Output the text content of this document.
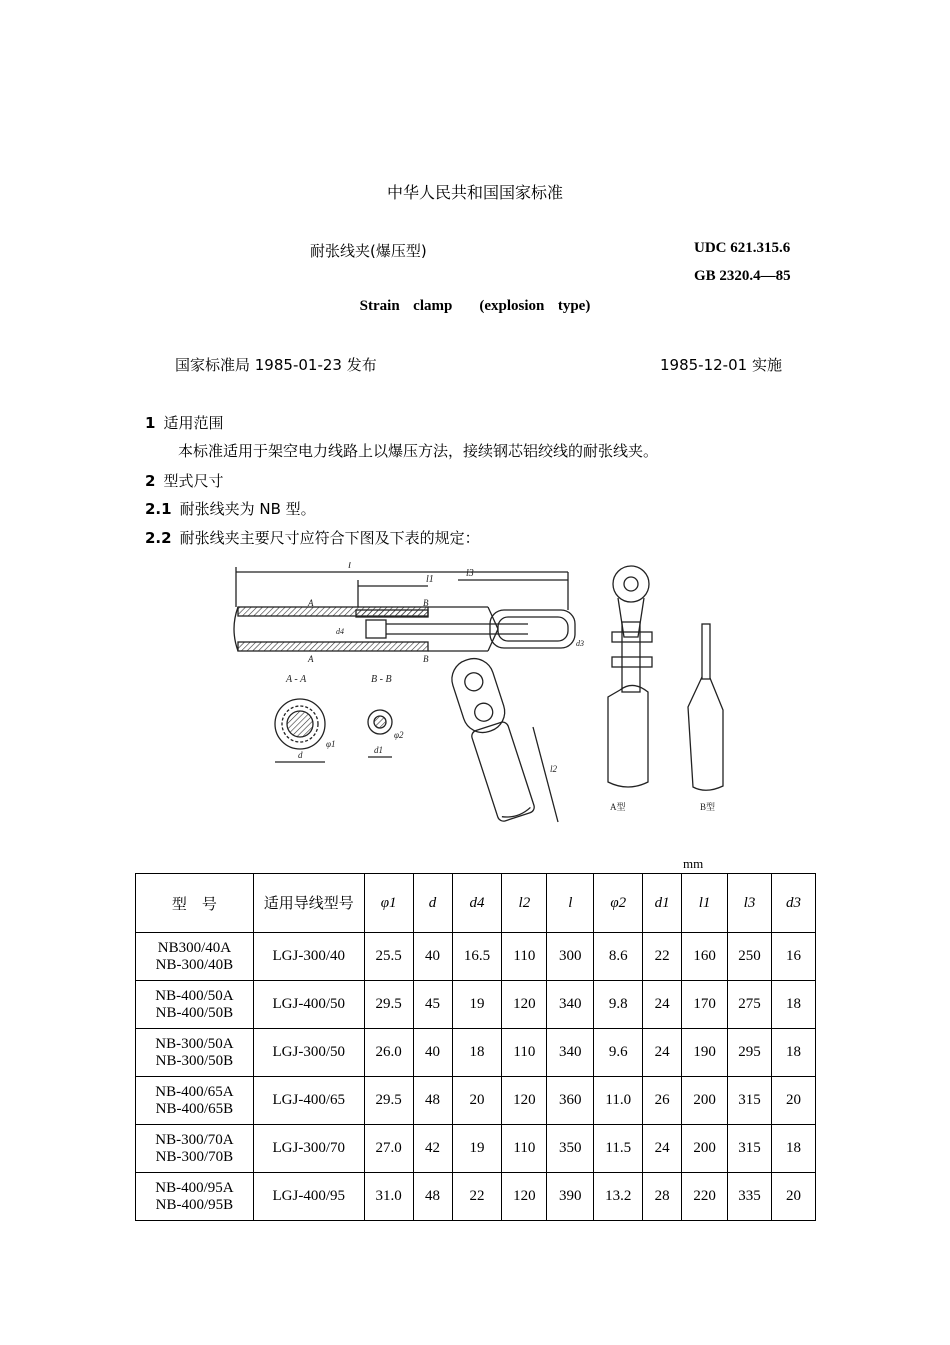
中华人民共和国国家标准
耐张线夹(爆压型)	UDC 621.315.6
GB 2320.4—85
Strain  clamp    (explosion  type)
国家标准局 1985-01-23 发布	1985-12-01 实施
1 适用范围
本标准适用于架空电力线路上以爆压方法，接续钢芯铝绞线的耐张线夹。
2 型式尺寸
2.1 耐张线夹为 NB 型。
2.2 耐张线夹主要尺寸应符合下图及下表的规定：
l
l1
l3
A
A
B
B
d4
d3
l2
A - A
d
φ1
B - B
d1
φ2
A型	B型
mm
型　号	适用导线型号	φ1	d	d4	l2	l	φ2	d1	l1	l3	d3

NB300/40A
NB-300/40B	LGJ-300/40	25.5	40	16.5	110	300	8.6	22	160	250	16

NB-400/50A
NB-400/50B	LGJ-400/50	29.5	45	19	120	340	9.8	24	170	275	18

NB-300/50A
NB-300/50B	LGJ-300/50	26.0	40	18	110	340	9.6	24	190	295	18

NB-400/65A
NB-400/65B	LGJ-400/65	29.5	48	20	120	360	11.0	26	200	315	20

NB-300/70A
NB-300/70B	LGJ-300/70	27.0	42	19	110	350	11.5	24	200	315	18

NB-400/95A
NB-400/95B	LGJ-400/95	31.0	48	22	120	390	13.2	28	220	335	20
